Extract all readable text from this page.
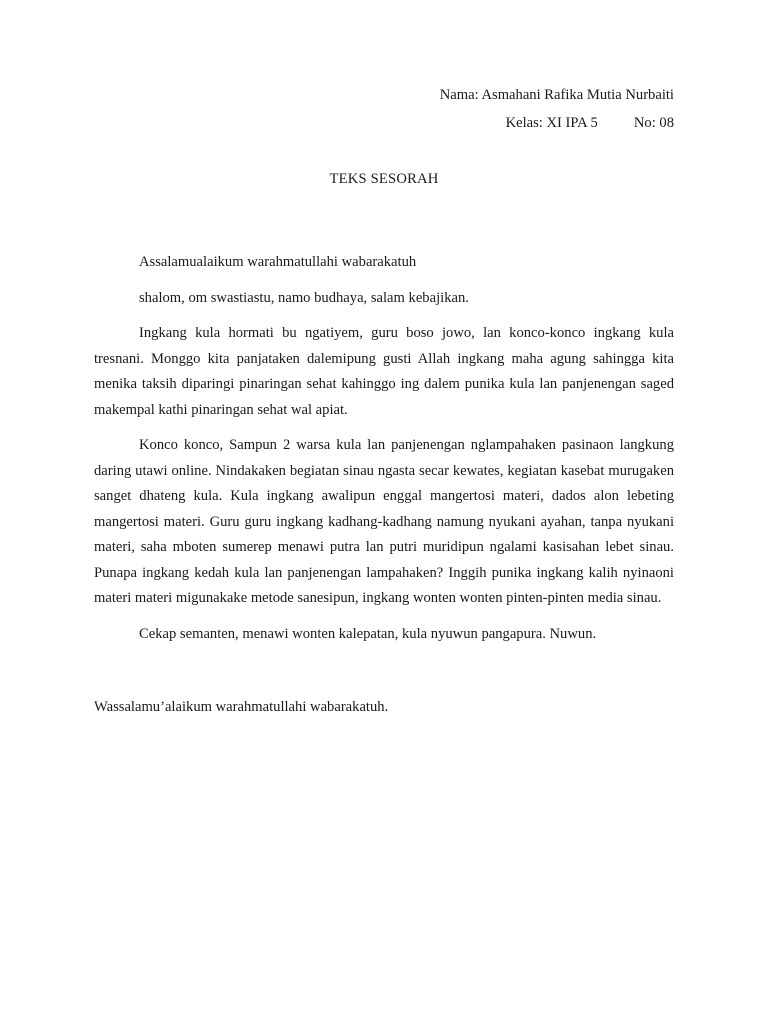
Nama: Asmahani Rafika Mutia Nurbaiti
Kelas: XI IPA 5 No: 08
TEKS SESORAH

Assalamualaikum warahmatullahi wabarakatuh

shalom, om swastiastu, namo budhaya, salam kebajikan.

Ingkang kula hormati bu ngatiyem, guru boso jowo, lan konco-konco ingkang kula tresnani. Monggo kita panjataken dalemipung gusti Allah ingkang maha agung sahingga kita menika taksih diparingi pinaringan sehat kahinggo ing dalem punika kula lan panjenengan saged makempal kathi pinaringan sehat wal apiat.

Konco konco, Sampun 2 warsa kula lan panjenengan nglampahaken pasinaon langkung daring utawi online. Nindakaken begiatan sinau ngasta secar kewates, kegiatan kasebat murugaken sanget dhateng kula. Kula ingkang awalipun enggal mangertosi materi, dados alon lebeting mangertosi materi. Guru guru ingkang kadhang-kadhang namung nyukani ayahan, tanpa nyukani materi, saha mboten sumerep menawi putra lan putri muridipun ngalami kasisahan lebet sinau. Punapa ingkang kedah kula lan panjenengan lampahaken? Inggih punika ingkang kalih nyinaoni materi materi migunakake metode sanesipun, ingkang wonten wonten pinten-pinten media sinau.

Cekap semanten, menawi wonten kalepatan, kula nyuwun pangapura. Nuwun.

Wassalamu’alaikum warahmatullahi wabarakatuh.
